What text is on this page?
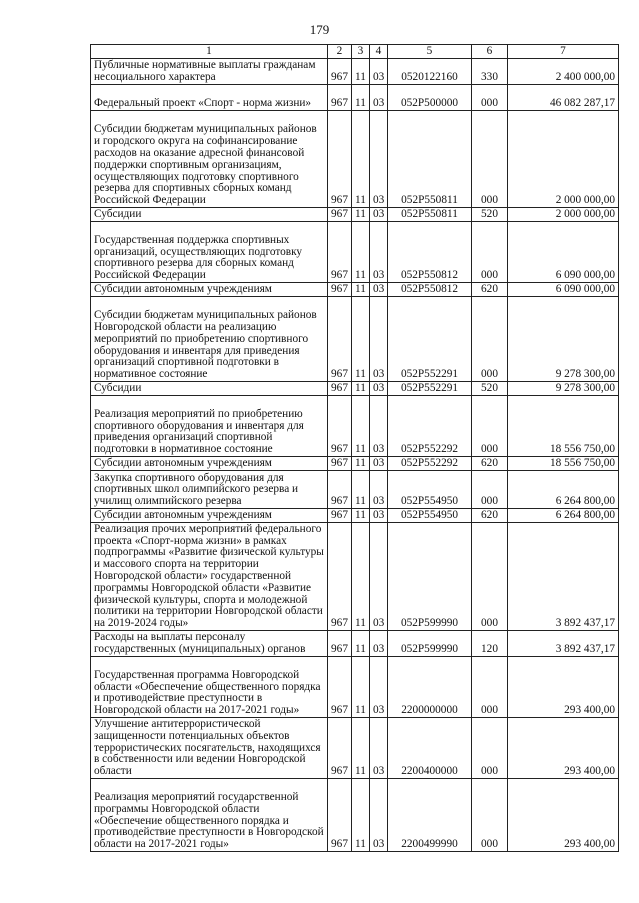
179
1	2	3	4	5	6	7
Публичные нормативные выплаты гражданам несоциального характера	967	11	03	0520122160	330	2 400 000,00
Федеральный проект «Спорт - норма жизни»	967	11	03	052P500000	000	46 082 287,17
Субсидии бюджетам муниципальных районов и городского округа на софинансирование расходов на оказание адресной финансовой поддержки спортивным организациям, осуществляющих подготовку спортивного резерва для спортивных сборных команд Российской Федерации	967	11	03	052P550811	000	2 000 000,00
Субсидии	967	11	03	052P550811	520	2 000 000,00
Государственная поддержка спортивных организаций, осуществляющих подготовку спортивного резерва для сборных команд Российской Федерации	967	11	03	052P550812	000	6 090 000,00
Субсидии автономным учреждениям	967	11	03	052P550812	620	6 090 000,00
Субсидии бюджетам муниципальных районов Новгородской области на реализацию мероприятий по приобретению спортивного оборудования и инвентаря для приведения организаций спортивной подготовки в нормативное состояние	967	11	03	052P552291	000	9 278 300,00
Субсидии	967	11	03	052P552291	520	9 278 300,00
Реализация мероприятий по приобретению спортивного оборудования и инвентаря для приведения организаций спортивной подготовки в нормативное состояние	967	11	03	052P552292	000	18 556 750,00
Субсидии автономным учреждениям	967	11	03	052P552292	620	18 556 750,00
Закупка спортивного оборудования для спортивных школ олимпийского резерва и училищ олимпийского резерва	967	11	03	052P554950	000	6 264 800,00
Субсидии автономным учреждениям	967	11	03	052P554950	620	6 264 800,00
Реализация прочих мероприятий федерального проекта «Спорт-норма жизни» в рамках подпрограммы «Развитие физической культуры и массового спорта на территории Новгородской области» государственной программы Новгородской области «Развитие физической культуры, спорта и молодежной политики на территории Новгородской области на 2019-2024 годы»	967	11	03	052P599990	000	3 892 437,17
Расходы на выплаты персоналу государственных (муниципальных) органов	967	11	03	052P599990	120	3 892 437,17
Государственная программа Новгородской области «Обеспечение общественного порядка и противодействие преступности в Новгородской области на 2017-2021 годы»	967	11	03	2200000000	000	293 400,00
Улучшение антитеррористической защищенности потенциальных объектов террористических посягательств, находящихся в собственности или ведении Новгородской области	967	11	03	2200400000	000	293 400,00
Реализация мероприятий государственной программы Новгородской области «Обеспечение общественного порядка и противодействие преступности в Новгородской области на 2017-2021 годы»	967	11	03	2200499990	000	293 400,00
